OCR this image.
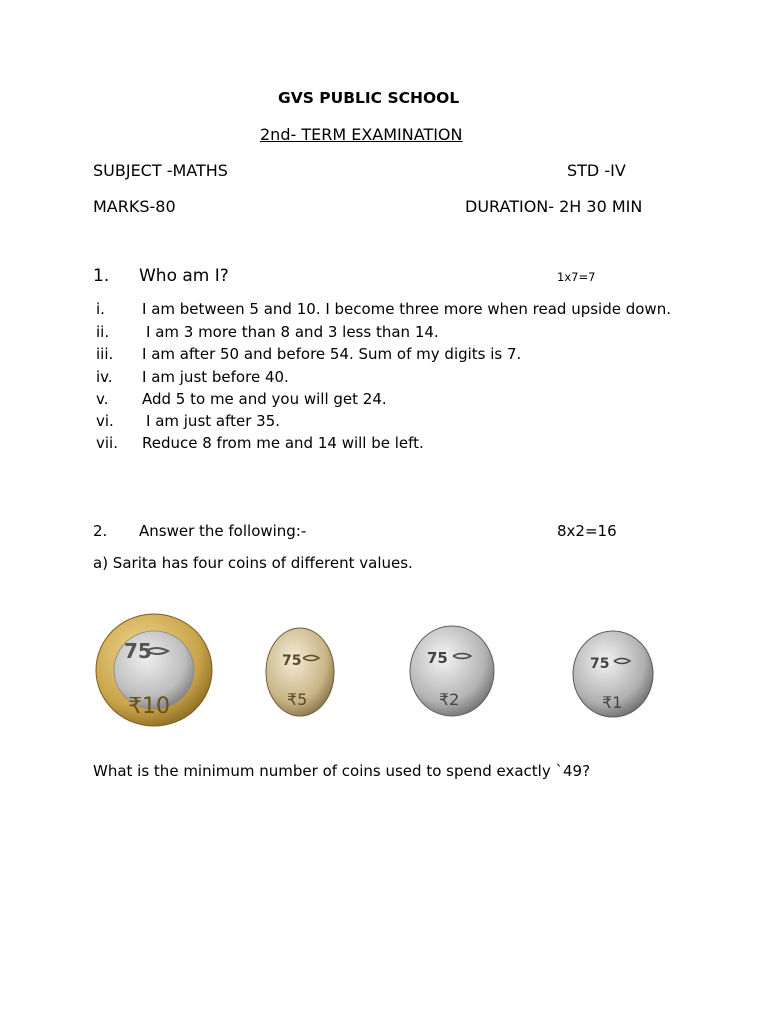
GVS PUBLIC SCHOOL
2nd- TERM EXAMINATION
SUBJECT -MATHS	STD -IV
MARKS-80	DURATION- 2H 30 MIN
1. Who am I?	1x7=7
i. I am between 5 and 10. I become three more when read upside down.
ii. I am 3 more than 8 and 3 less than 14.
iii. I am after 50 and before 54. Sum of my digits is 7.
iv. I am just before 40.
v. Add 5 to me and you will get 24.
vi. I am just after 35.
vii. Reduce 8 from me and 14 will be left.
2. Answer the following:-	8x2=16
a) Sarita has four coins of different values.
75
₹10
75
₹5
75
₹2
75
₹1
What is the minimum number of coins used to spend exactly `49?
